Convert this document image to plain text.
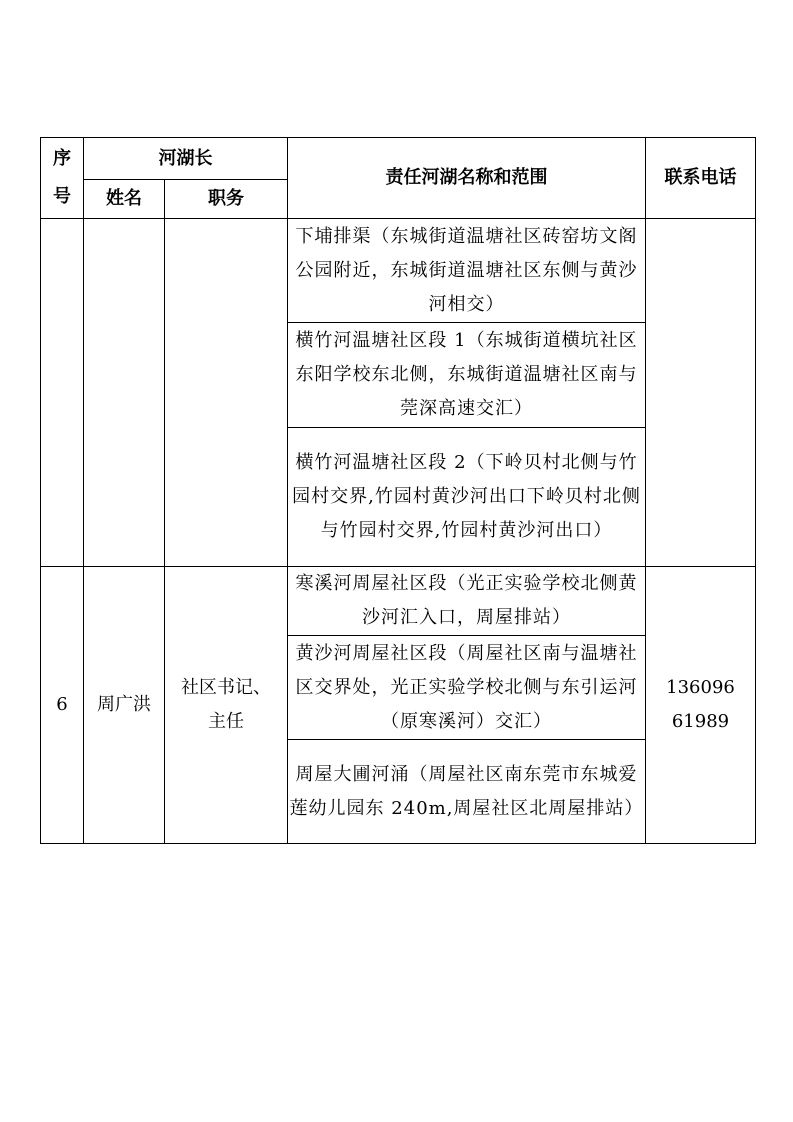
序
号	河湖长		责任河湖名称和范围	联系电话
	姓名	职务		
			下埔排渠（东城街道温塘社区砖窑坊文阁公园附近，东城街道温塘社区东侧与黄沙河相交）	
			横竹河温塘社区段 1（东城街道横坑社区东阳学校东北侧，东城街道温塘社区南与莞深高速交汇）	
			横竹河温塘社区段 2（下岭贝村北侧与竹园村交界,竹园村黄沙河出口下岭贝村北侧与竹园村交界,竹园村黄沙河出口）	
6	周广洪	社区书记、主任	寒溪河周屋社区段（光正实验学校北侧黄沙河汇入口，周屋排站）	136096
61989

			黄沙河周屋社区段（周屋社区南与温塘社区交界处，光正实验学校北侧与东引运河（原寒溪河）交汇）	
			周屋大圃河涌（周屋社区南东莞市东城爱莲幼儿园东 240m,周屋社区北周屋排站）	
